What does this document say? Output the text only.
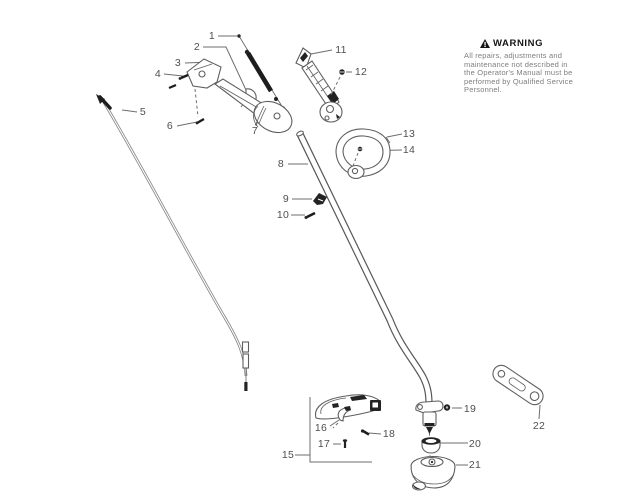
1
2
3
4
5
6	7
8
9
10
11
12
13
14
15
16
17
18
19
20
21
22
WARNING
All repairs, adjustments and
maintenance not described in
the Operator's Manual must be
performed by Qualified Service
Personnel.
